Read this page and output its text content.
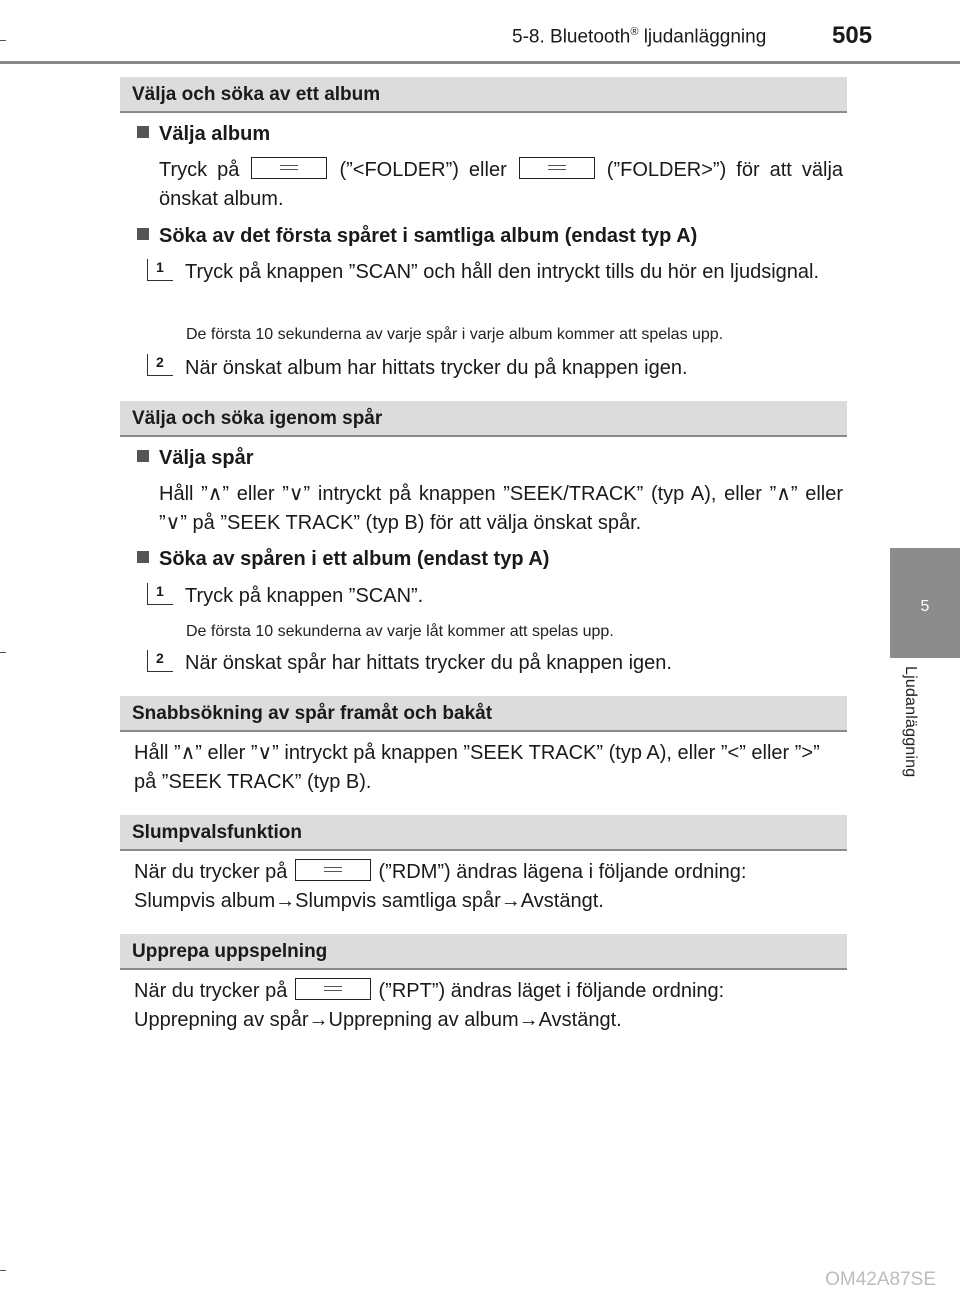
5-8. Bluetooth® ljudanläggning	505
5
Ljudanläggning
Välja och söka av ett album
Välja album
Tryck på	(”<FOLDER”) eller	(”FOLDER>”) för att välja önskat album.
Söka av det första spåret i samtliga album (endast typ A)
1 Tryck på knappen ”SCAN” och håll den intryckt tills du hör en ljudsignal.
De första 10 sekunderna av varje spår i varje album kommer att spelas upp.
2 När önskat album har hittats trycker du på knappen igen.
Välja och söka igenom spår
Välja spår
Håll ”∧” eller ”∨” intryckt på knappen ”SEEK/TRACK” (typ A), eller ”∧” eller ”∨” på ”SEEK TRACK” (typ B) för att välja önskat spår.
Söka av spåren i ett album (endast typ A)
1 Tryck på knappen ”SCAN”.
De första 10 sekunderna av varje låt kommer att spelas upp.
2 När önskat spår har hittats trycker du på knappen igen.
Snabbsökning av spår framåt och bakåt
Håll ”∧” eller ”∨” intryckt på knappen ”SEEK TRACK” (typ A), eller ”<” eller ”>” på ”SEEK TRACK” (typ B).
Slumpvalsfunktion
När du trycker på	(”RDM”) ändras lägena i följande ordning:
Slumpvis album→Slumpvis samtliga spår→Avstängt.
Upprepa uppspelning
När du trycker på	(”RPT”) ändras läget i följande ordning:
Upprepning av spår→Upprepning av album→Avstängt.
OM42A87SE
